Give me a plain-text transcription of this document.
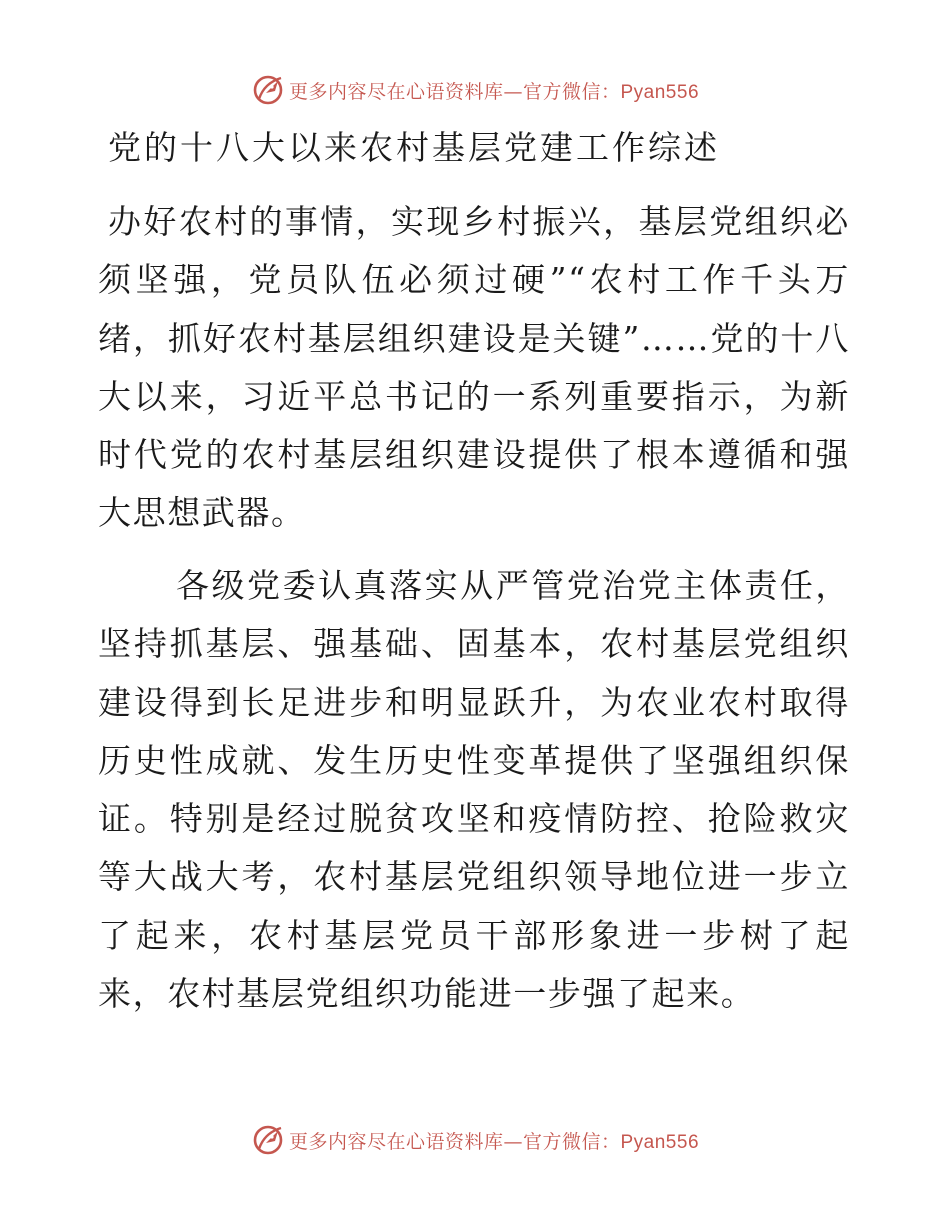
更多内容尽在心语资料库—官方微信：Pyan556
党的十八大以来农村基层党建工作综述

办好农村的事情，实现乡村振兴，基层党组织必须坚强，党员队伍必须过硬”“农村工作千头万绪，抓好农村基层组织建设是关键”……党的十八大以来，习近平总书记的一系列重要指示，为新时代党的农村基层组织建设提供了根本遵循和强大思想武器。

各级党委认真落实从严管党治党主体责任，坚持抓基层、强基础、固基本，农村基层党组织建设得到长足进步和明显跃升，为农业农村取得历史性成就、发生历史性变革提供了坚强组织保证。特别是经过脱贫攻坚和疫情防控、抢险救灾等大战大考，农村基层党组织领导地位进一步立了起来，农村基层党员干部形象进一步树了起来，农村基层党组织功能进一步强了起来。

更多内容尽在心语资料库—官方微信：Pyan556
